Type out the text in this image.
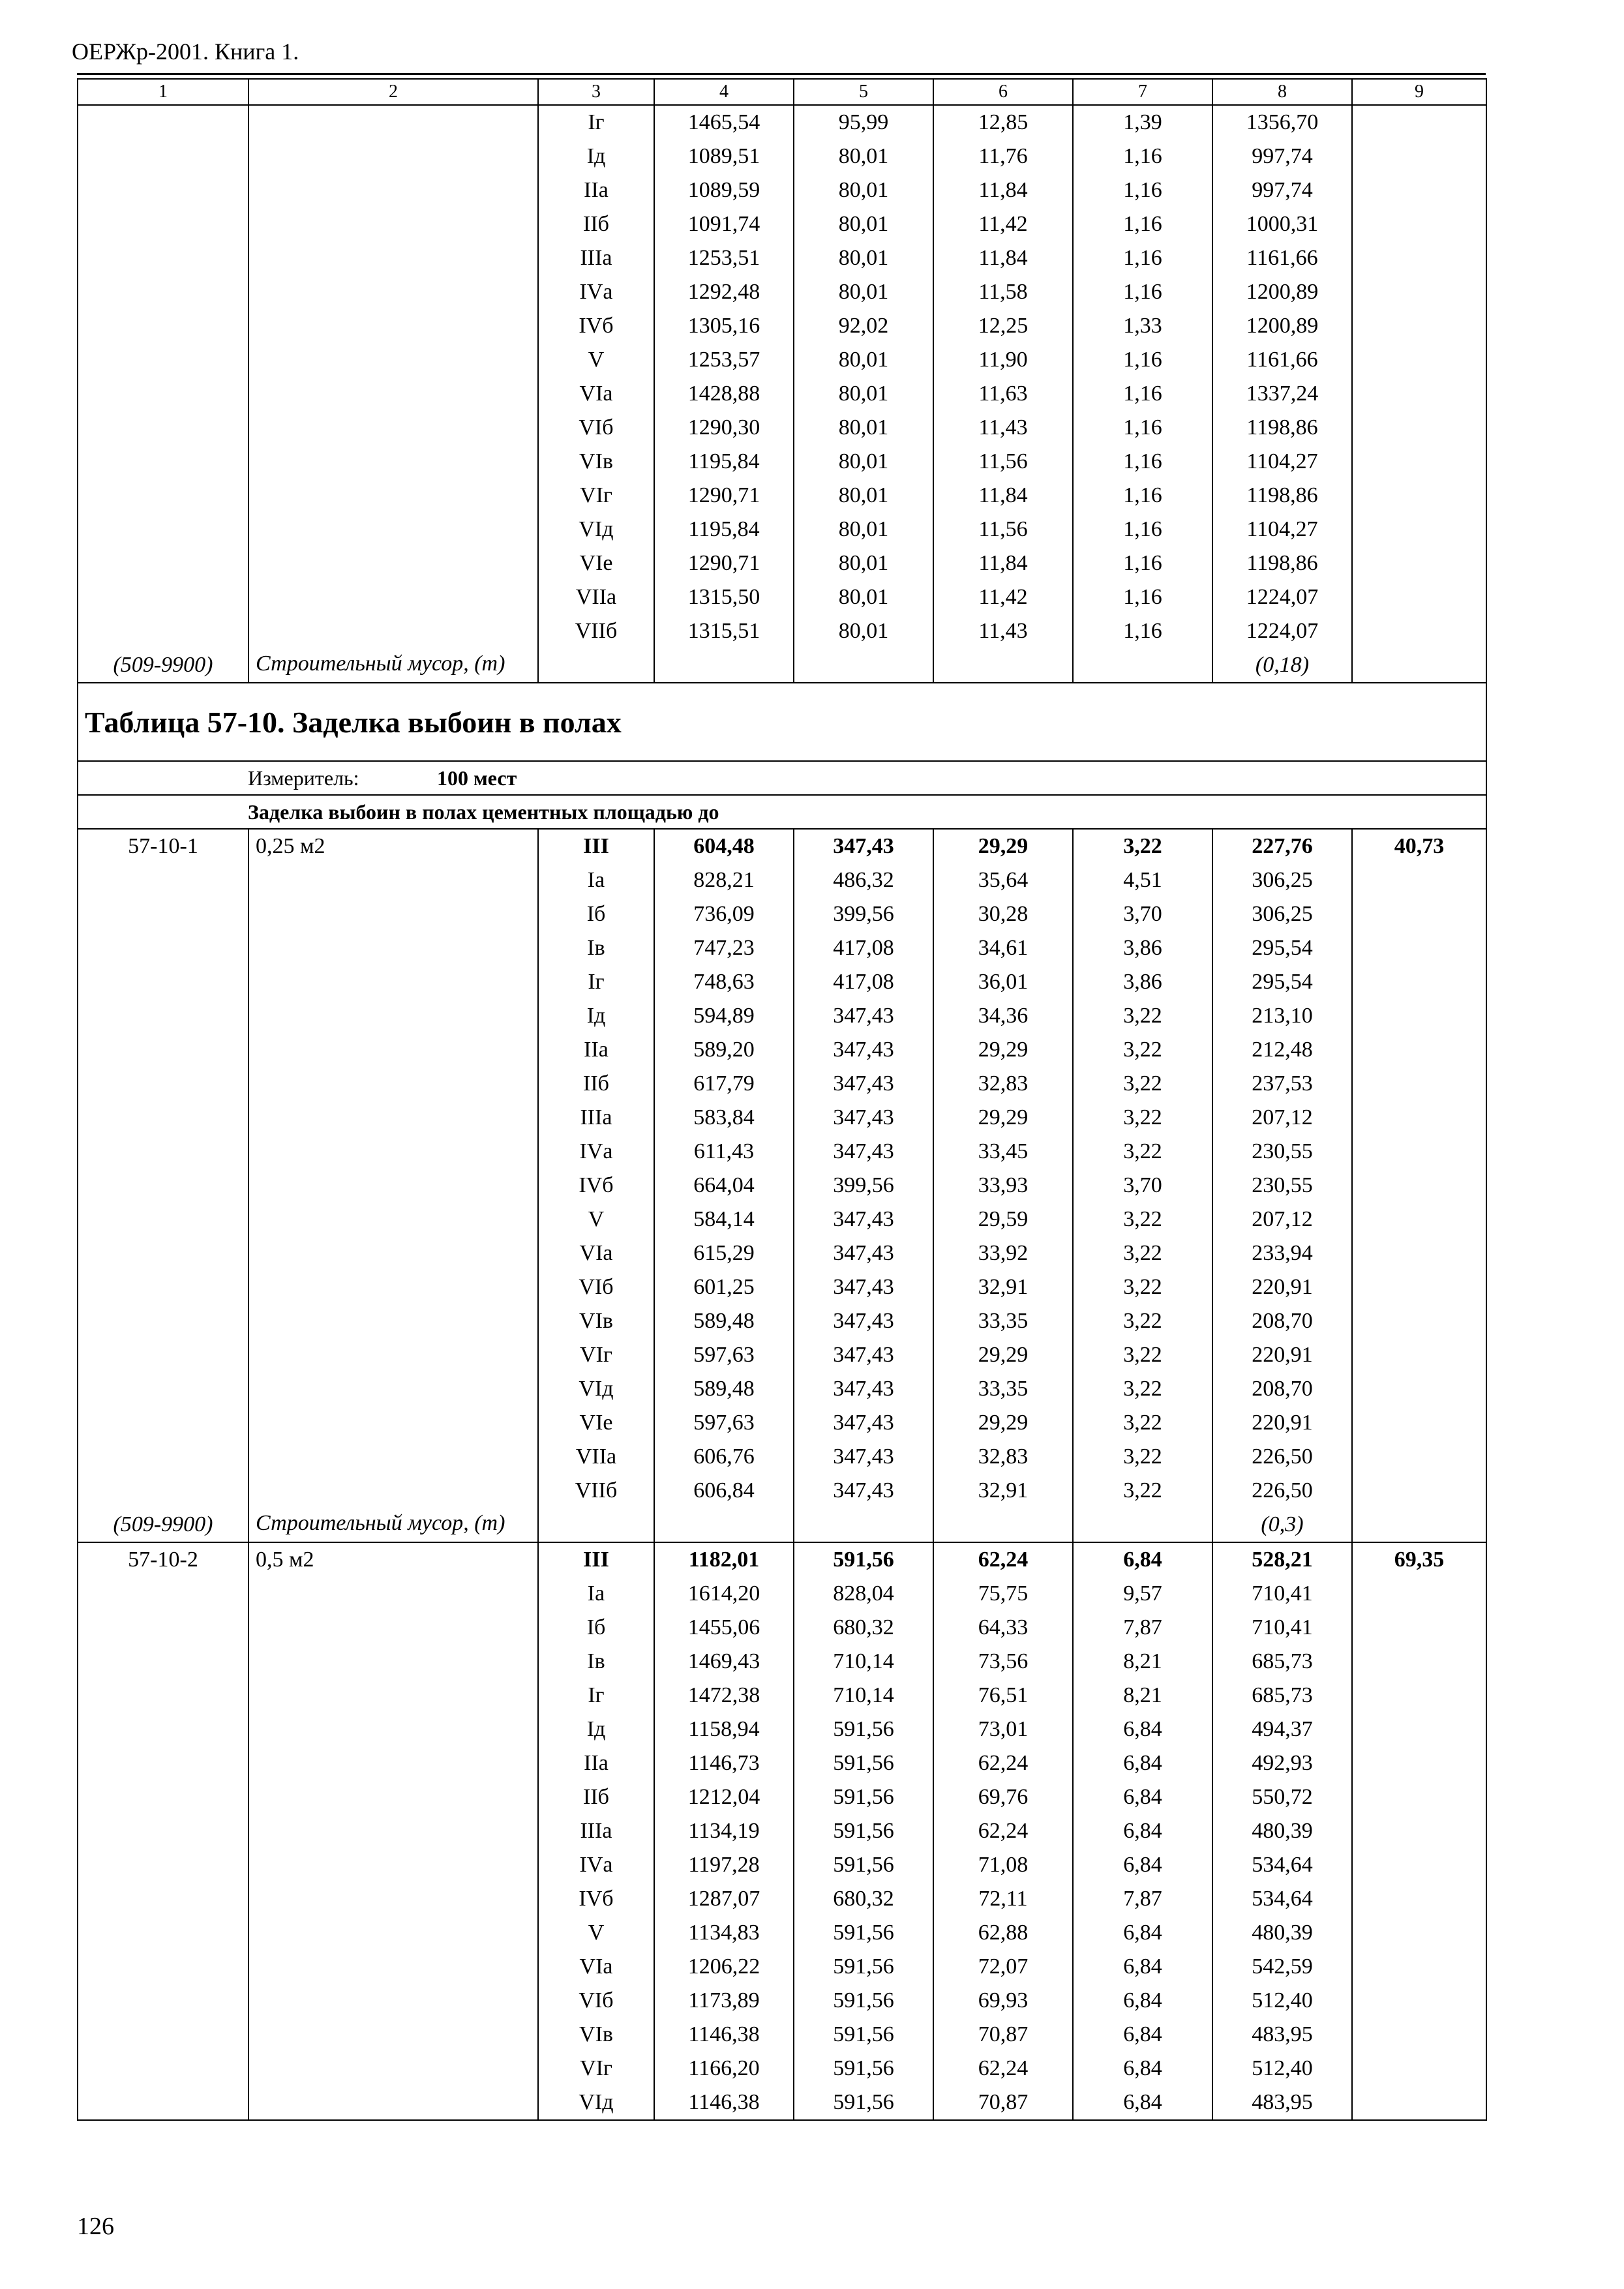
ОЕРЖр-2001. Книга 1.
1	2	3	4	5	6	7	8	9
		Iг	1465,54	95,99	12,85	1,39	1356,70	
		Iд	1089,51	80,01	11,76	1,16	997,74	
		IIа	1089,59	80,01	11,84	1,16	997,74	
		IIб	1091,74	80,01	11,42	1,16	1000,31	
		IIIа	1253,51	80,01	11,84	1,16	1161,66	
		IVа	1292,48	80,01	11,58	1,16	1200,89	
		IVб	1305,16	92,02	12,25	1,33	1200,89	
		V	1253,57	80,01	11,90	1,16	1161,66	
		VIа	1428,88	80,01	11,63	1,16	1337,24	
		VIб	1290,30	80,01	11,43	1,16	1198,86	
		VIв	1195,84	80,01	11,56	1,16	1104,27	
		VIг	1290,71	80,01	11,84	1,16	1198,86	
		VIд	1195,84	80,01	11,56	1,16	1104,27	
		VIе	1290,71	80,01	11,84	1,16	1198,86	
		VIIа	1315,50	80,01	11,42	1,16	1224,07	
		VIIб	1315,51	80,01	11,43	1,16	1224,07	
(509-9900)	Строительный мусор, (т)						(0,18)	

Таблица 57-10. Заделка выбоин в полах								

Измеритель: 100 мест								
Заделка выбоин в полах цементных площадью до								
57-10-1	0,25 м2	III	604,48	347,43	29,29	3,22	227,76	40,73
		Iа	828,21	486,32	35,64	4,51	306,25	
		Iб	736,09	399,56	30,28	3,70	306,25	
		Iв	747,23	417,08	34,61	3,86	295,54	
		Iг	748,63	417,08	36,01	3,86	295,54	
		Iд	594,89	347,43	34,36	3,22	213,10	
		IIа	589,20	347,43	29,29	3,22	212,48	
		IIб	617,79	347,43	32,83	3,22	237,53	
		IIIа	583,84	347,43	29,29	3,22	207,12	
		IVа	611,43	347,43	33,45	3,22	230,55	
		IVб	664,04	399,56	33,93	3,70	230,55	
		V	584,14	347,43	29,59	3,22	207,12	
		VIа	615,29	347,43	33,92	3,22	233,94	
		VIб	601,25	347,43	32,91	3,22	220,91	
		VIв	589,48	347,43	33,35	3,22	208,70	
		VIг	597,63	347,43	29,29	3,22	220,91	
		VIд	589,48	347,43	33,35	3,22	208,70	
		VIе	597,63	347,43	29,29	3,22	220,91	
		VIIа	606,76	347,43	32,83	3,22	226,50	
		VIIб	606,84	347,43	32,91	3,22	226,50	
(509-9900)	Строительный мусор, (т)						(0,3)	
57-10-2	0,5 м2	III	1182,01	591,56	62,24	6,84	528,21	69,35
		Iа	1614,20	828,04	75,75	9,57	710,41	
		Iб	1455,06	680,32	64,33	7,87	710,41	
		Iв	1469,43	710,14	73,56	8,21	685,73	
		Iг	1472,38	710,14	76,51	8,21	685,73	
		Iд	1158,94	591,56	73,01	6,84	494,37	
		IIа	1146,73	591,56	62,24	6,84	492,93	
		IIб	1212,04	591,56	69,76	6,84	550,72	
		IIIа	1134,19	591,56	62,24	6,84	480,39	
		IVа	1197,28	591,56	71,08	6,84	534,64	
		IVб	1287,07	680,32	72,11	7,87	534,64	
		V	1134,83	591,56	62,88	6,84	480,39	
		VIа	1206,22	591,56	72,07	6,84	542,59	
		VIб	1173,89	591,56	69,93	6,84	512,40	
		VIв	1146,38	591,56	70,87	6,84	483,95	
		VIг	1166,20	591,56	62,24	6,84	512,40	
		VIд	1146,38	591,56	70,87	6,84	483,95	
126
